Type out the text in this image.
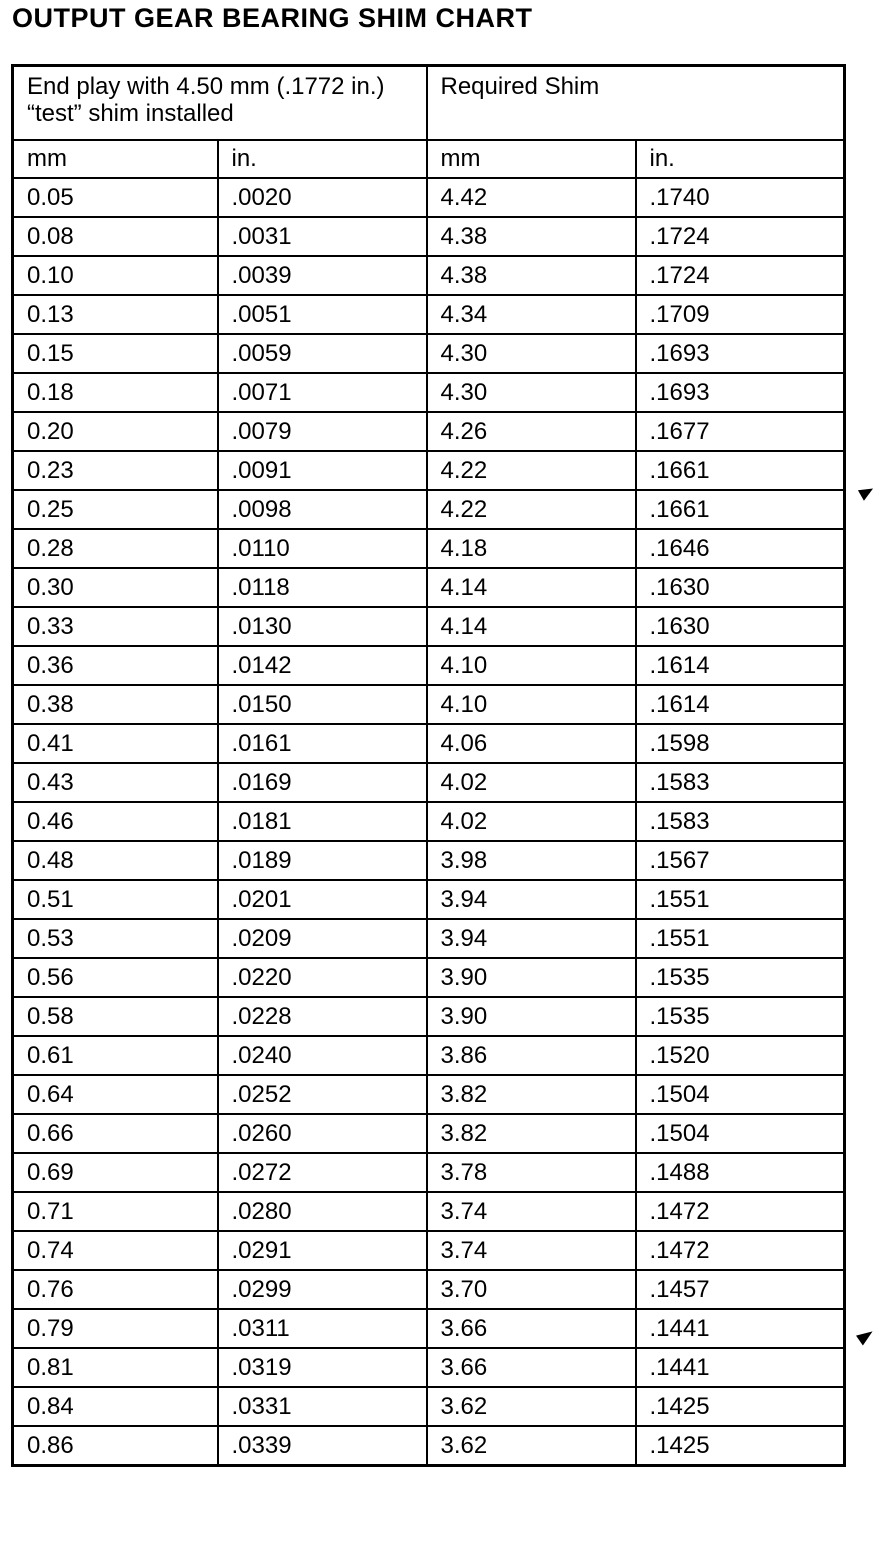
OUTPUT GEAR BEARING SHIM CHART
End play with 4.50 mm (.1772 in.) “test” shim installed		Required Shim	
mm	in.	mm	in.
0.05	.0020	4.42	.1740
0.08	.0031	4.38	.1724
0.10	.0039	4.38	.1724
0.13	.0051	4.34	.1709
0.15	.0059	4.30	.1693
0.18	.0071	4.30	.1693
0.20	.0079	4.26	.1677
0.23	.0091	4.22	.1661
0.25	.0098	4.22	.1661
0.28	.0110	4.18	.1646
0.30	.0118	4.14	.1630
0.33	.0130	4.14	.1630
0.36	.0142	4.10	.1614
0.38	.0150	4.10	.1614
0.41	.0161	4.06	.1598
0.43	.0169	4.02	.1583
0.46	.0181	4.02	.1583
0.48	.0189	3.98	.1567
0.51	.0201	3.94	.1551
0.53	.0209	3.94	.1551
0.56	.0220	3.90	.1535
0.58	.0228	3.90	.1535
0.61	.0240	3.86	.1520
0.64	.0252	3.82	.1504
0.66	.0260	3.82	.1504
0.69	.0272	3.78	.1488
0.71	.0280	3.74	.1472
0.74	.0291	3.74	.1472
0.76	.0299	3.70	.1457
0.79	.0311	3.66	.1441
0.81	.0319	3.66	.1441
0.84	.0331	3.62	.1425
0.86	.0339	3.62	.1425
